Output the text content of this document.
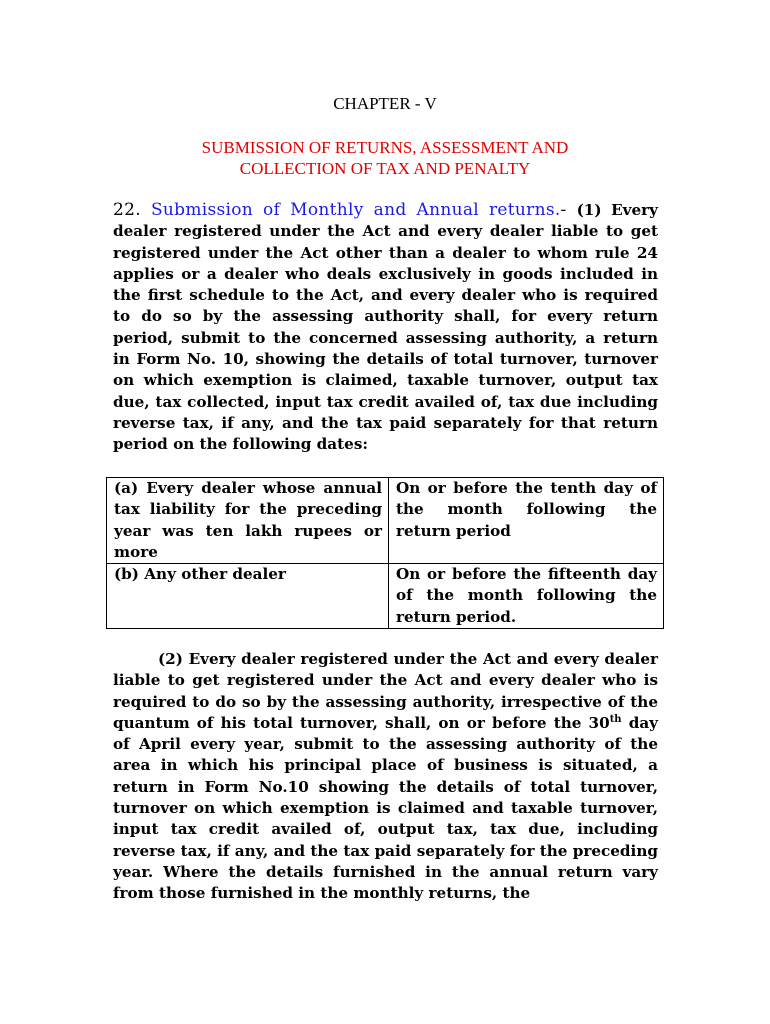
CHAPTER - V
SUBMISSION OF RETURNS, ASSESSMENT AND
COLLECTION OF TAX AND PENALTY
22. Submission of Monthly and Annual returns.- (1) Every dealer registered under the Act and every dealer liable to get registered under the Act other than a dealer to whom rule 24 applies or a dealer who deals exclusively in goods included in the first schedule to the Act, and every dealer who is required to do so by the assessing authority shall, for every return period, submit to the concerned assessing authority, a return in Form No. 10, showing the details of total turnover, turnover on which exemption is claimed, taxable turnover, output tax due, tax collected, input tax credit availed of, tax due including reverse tax, if any, and the tax paid separately for that return period on the following dates:
(a) Every dealer whose annual tax liability for the preceding year was ten lakh rupees or more	On or before the tenth day of the month following the return period
(b) Any other dealer	On or before the fifteenth day of the month following the return period.
(2) Every dealer registered under the Act and every dealer liable to get registered under the Act and every dealer who is required to do so by the assessing authority, irrespective of the quantum of his total turnover, shall, on or before the 30th day of April every year, submit to the assessing authority of the area in which his principal place of business is situated, a return in Form No.10 showing the details of total turnover, turnover on which exemption is claimed and taxable turnover, input tax credit availed of, output tax, tax due, including reverse tax, if any, and the tax paid separately for the preceding year. Where the details furnished in the annual return vary from those furnished in the monthly returns, the
